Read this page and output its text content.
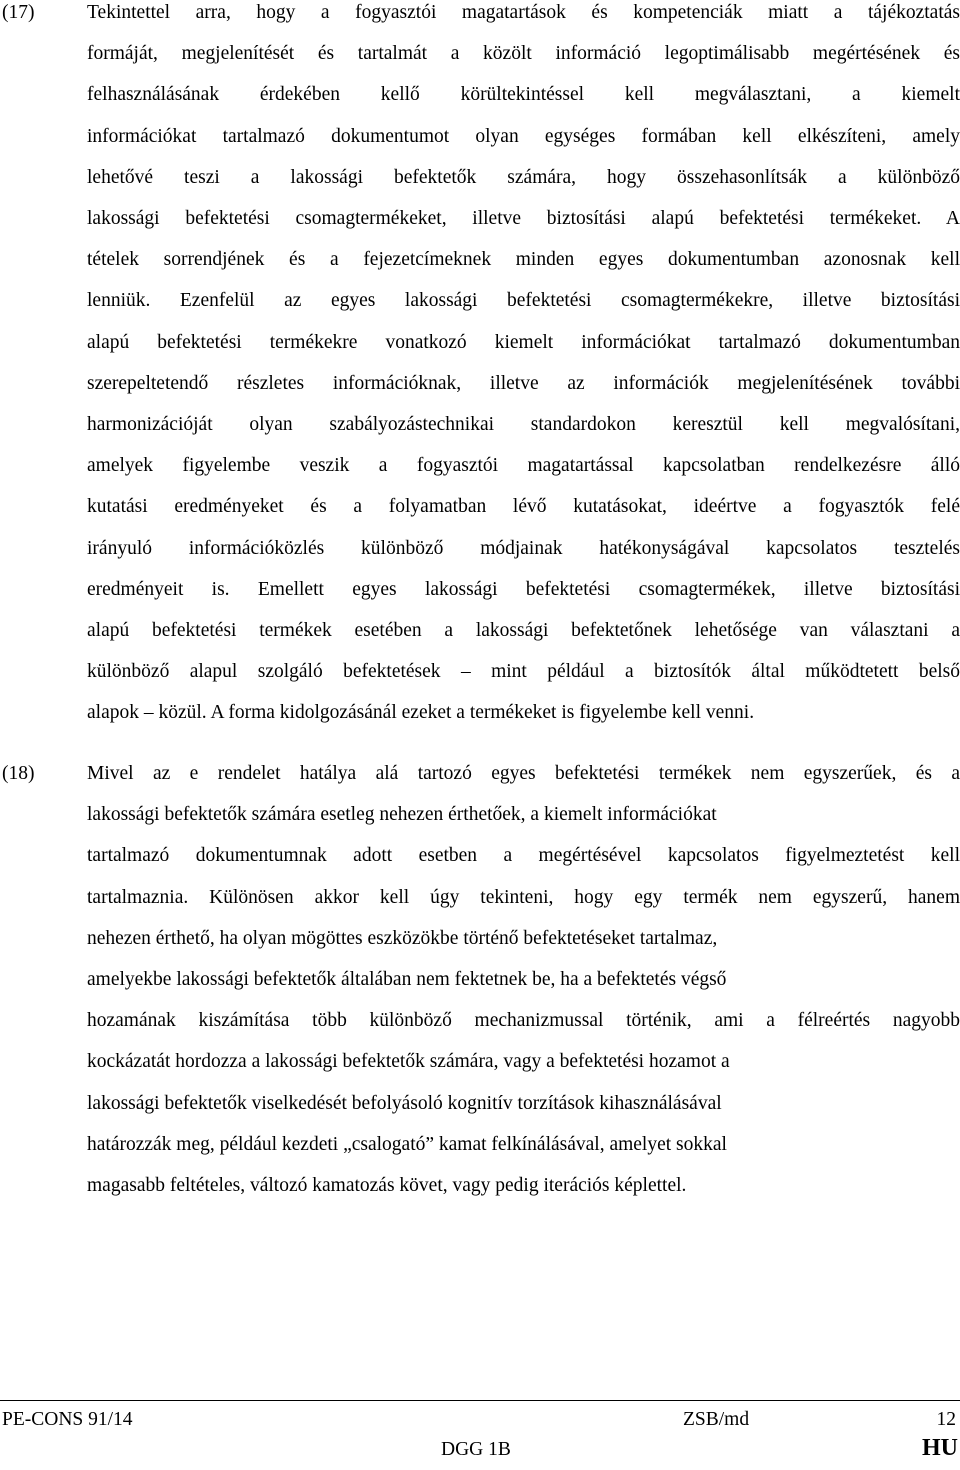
(17)	Tekintettel arra, hogy a fogyasztói magatartások és kompetenciák miatt a tájékoztatás
formáját, megjelenítését és tartalmát a közölt információ legoptimálisabb megértésének és
felhasználásának érdekében kellő körültekintéssel kell megválasztani, a kiemelt
információkat tartalmazó dokumentumot olyan egységes formában kell elkészíteni, amely
lehetővé teszi a lakossági befektetők számára, hogy összehasonlítsák a különböző
lakossági befektetési csomagtermékeket, illetve biztosítási alapú befektetési termékeket. A
tételek sorrendjének és a fejezetcímeknek minden egyes dokumentumban azonosnak kell
lenniük. Ezenfelül az egyes lakossági befektetési csomagtermékekre, illetve biztosítási
alapú befektetési termékekre vonatkozó kiemelt információkat tartalmazó dokumentumban
szerepeltetendő részletes információknak, illetve az információk megjelenítésének további
harmonizációját olyan szabályozástechnikai standardokon keresztül kell megvalósítani,
amelyek figyelembe veszik a fogyasztói magatartással kapcsolatban rendelkezésre álló
kutatási eredményeket és a folyamatban lévő kutatásokat, ideértve a fogyasztók felé
irányuló információközlés különböző módjainak hatékonyságával kapcsolatos tesztelés
eredményeit is. Emellett egyes lakossági befektetési csomagtermékek, illetve biztosítási
alapú befektetési termékek esetében a lakossági befektetőnek lehetősége van választani a
különböző alapul szolgáló befektetések – mint például a biztosítók által működtetett belső
alapok – közül. A forma kidolgozásánál ezeket a termékeket is figyelembe kell venni.
(18)	Mivel az e rendelet hatálya alá tartozó egyes befektetési termékek nem egyszerűek, és a
lakossági befektetők számára esetleg nehezen érthetőek, a kiemelt információkat
tartalmazó dokumentumnak adott esetben a megértésével kapcsolatos figyelmeztetést kell
tartalmaznia. Különösen akkor kell úgy tekinteni, hogy egy termék nem egyszerű, hanem
nehezen érthető, ha olyan mögöttes eszközökbe történő befektetéseket tartalmaz,
amelyekbe lakossági befektetők általában nem fektetnek be, ha a befektetés végső
hozamának kiszámítása több különböző mechanizmussal történik, ami a félreértés nagyobb
kockázatát hordozza a lakossági befektetők számára, vagy a befektetési hozamot a
lakossági befektetők viselkedését befolyásoló kognitív torzítások kihasználásával
határozzák meg, például kezdeti „csalogató” kamat felkínálásával, amelyet sokkal
magasabb feltételes, változó kamatozás követ, vagy pedig iterációs képlettel.
PE-CONS 91/14	ZSB/md	12
DGG 1B	HU
